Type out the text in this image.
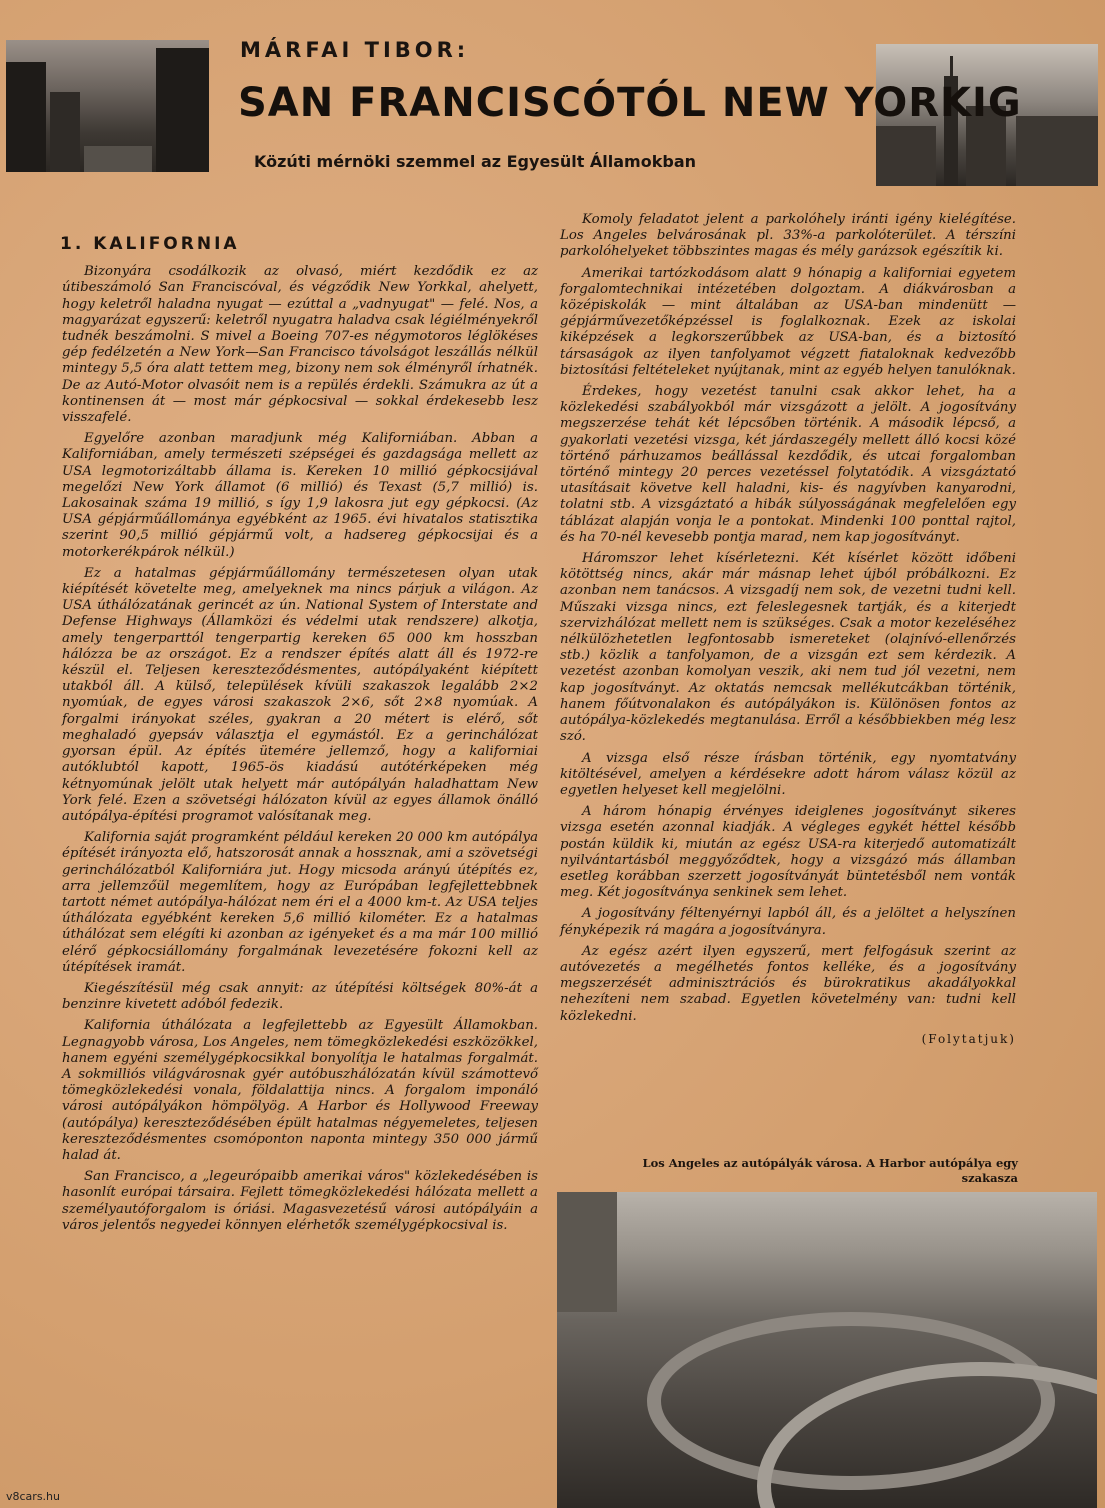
MÁRFAI TIBOR:
SAN FRANCISCÓTÓL NEW YORKIG
Közúti mérnöki szemmel az Egyesült Államokban
1. KALIFORNIA

Bizonyára csodálkozik az olvasó, miért kezdődik ez az útibeszámoló San Franciscóval, és végződik New Yorkkal, ahelyett, hogy keletről haladna nyugat — ezúttal a „vadnyugat" — felé. Nos, a magyarázat egyszerű: keletről nyugatra haladva csak légiélményekről tudnék beszámolni. S mivel a Boeing 707-es négymotoros léglökéses gép fedélzetén a New York—San Francisco távolságot leszállás nélkül mintegy 5,5 óra alatt tettem meg, bizony nem sok élményről írhatnék. De az Autó-Motor olvasóit nem is a repülés érdekli. Számukra az út a kontinensen át — most már gépkocsival — sokkal érdekesebb lesz visszafelé.

Egyelőre azonban maradjunk még Kaliforniában. Abban a Kaliforniában, amely természeti szépségei és gazdagsága mellett az USA legmotorizáltabb állama is. Kereken 10 millió gépkocsijával megelőzi New York államot (6 millió) és Texast (5,7 millió) is. Lakosainak száma 19 millió, s így 1,9 lakosra jut egy gépkocsi. (Az USA gépjárműállománya egyébként az 1965. évi hivatalos statisztika szerint 90,5 millió gépjármű volt, a hadsereg gépkocsijai és a motorkerékpárok nélkül.)

Ez a hatalmas gépjárműállomány természetesen olyan utak kiépítését követelte meg, amelyeknek ma nincs párjuk a világon. Az USA úthálózatának gerincét az ún. National System of Interstate and Defense Highways (Államközi és védelmi utak rendszere) alkotja, amely tengerparttól tengerpartig kereken 65 000 km hosszban hálózza be az országot. Ez a rendszer építés alatt áll és 1972-re készül el. Teljesen kereszteződésmentes, autópályaként kiépített utakból áll. A külső, települések kívüli szakaszok legalább 2×2 nyomúak, de egyes városi szakaszok 2×6, sőt 2×8 nyomúak. A forgalmi irányokat széles, gyakran a 20 métert is elérő, sőt meghaladó gyepsáv választja el egymástól. Ez a gerinchálózat gyorsan épül. Az építés ütemére jellemző, hogy a kaliforniai autóklubtól kapott, 1965-ös kiadású autótérképeken még kétnyomúnak jelölt utak helyett már autópályán haladhattam New York felé. Ezen a szövetségi hálózaton kívül az egyes államok önálló autópálya-építési programot valósítanak meg.

Kalifornia saját programként például kereken 20 000 km autópálya építését irányozta elő, hatszorosát annak a hossznak, ami a szövetségi gerinchálózatból Kaliforniára jut. Hogy micsoda arányú útépítés ez, arra jellemzőül megemlítem, hogy az Európában legfejlettebbnek tartott német autópálya-hálózat nem éri el a 4000 km-t. Az USA teljes úthálózata egyébként kereken 5,6 millió kilométer. Ez a hatalmas úthálózat sem elégíti ki azonban az igényeket és a ma már 100 millió elérő gépkocsiállomány forgalmának levezetésére fokozni kell az útépítések iramát.

Kiegészítésül még csak annyit: az útépítési költségek 80%-át a benzinre kivetett adóból fedezik.

Kalifornia úthálózata a legfejlettebb az Egyesült Államokban. Legnagyobb városa, Los Angeles, nem tömegközlekedési eszközökkel, hanem egyéni személygépkocsikkal bonyolítja le hatalmas forgalmát. A sokmilliós világvárosnak gyér autóbuszhálózatán kívül számottevő tömegközlekedési vonala, földalattija nincs. A forgalom imponáló városi autópályákon hömpölyög. A Harbor és Hollywood Freeway (autópálya) kereszteződésében épült hatalmas négyemeletes, teljesen kereszteződésmentes csomóponton naponta mintegy 350 000 jármű halad át.

San Francisco, a „legeurópaibb amerikai város" közlekedésében is hasonlít európai társaira. Fejlett tömegközlekedési hálózata mellett a személyautóforgalom is óriási. Magasvezetésű városi autópályáin a város jelentős negyedei könnyen elérhetők személygépkocsival is.

Komoly feladatot jelent a parkolóhely iránti igény kielégítése. Los Angeles belvárosának pl. 33%-a parkolóterület. A térszíni parkolóhelyeket többszintes magas és mély garázsok egészítik ki.

Amerikai tartózkodásom alatt 9 hónapig a kaliforniai egyetem forgalomtechnikai intézetében dolgoztam. A diákvárosban a középiskolák — mint általában az USA-ban mindenütt — gépjárművezetőképzéssel is foglalkoznak. Ezek az iskolai kiképzések a legkorszerűbbek az USA-ban, és a biztosító társaságok az ilyen tanfolyamot végzett fiataloknak kedvezőbb biztosítási feltételeket nyújtanak, mint az egyéb helyen tanulóknak.

Érdekes, hogy vezetést tanulni csak akkor lehet, ha a közlekedési szabályokból már vizsgázott a jelölt. A jogosítvány megszerzése tehát két lépcsőben történik. A második lépcső, a gyakorlati vezetési vizsga, két járdaszegély mellett álló kocsi közé történő párhuzamos beállással kezdődik, és utcai forgalomban történő mintegy 20 perces vezetéssel folytatódik. A vizsgáztató utasításait követve kell haladni, kis- és nagyívben kanyarodni, tolatni stb. A vizsgáztató a hibák súlyosságának megfelelően egy táblázat alapján vonja le a pontokat. Mindenki 100 ponttal rajtol, és ha 70-nél kevesebb pontja marad, nem kap jogosítványt.

Háromszor lehet kísérletezni. Két kísérlet között időbeni kötöttség nincs, akár már másnap lehet újból próbálkozni. Ez azonban nem tanácsos. A vizsgadíj nem sok, de vezetni tudni kell. Műszaki vizsga nincs, ezt feleslegesnek tartják, és a kiterjedt szervizhálózat mellett nem is szükséges. Csak a motor kezeléséhez nélkülözhetetlen legfontosabb ismereteket (olajnívó-ellenőrzés stb.) közlik a tanfolyamon, de a vizsgán ezt sem kérdezik. A vezetést azonban komolyan veszik, aki nem tud jól vezetni, nem kap jogosítványt. Az oktatás nemcsak mellékutcákban történik, hanem főútvonalakon és autópályákon is. Különösen fontos az autópálya-közlekedés megtanulása. Erről a későbbiekben még lesz szó.

A vizsga első része írásban történik, egy nyomtatvány kitöltésével, amelyen a kérdésekre adott három válasz közül az egyetlen helyeset kell megjelölni.

A három hónapig érvényes ideiglenes jogosítványt sikeres vizsga esetén azonnal kiadják. A végleges egykét héttel később postán küldik ki, miután az egész USA-ra kiterjedő automatizált nyilvántartásból meggyőződtek, hogy a vizsgázó más államban esetleg korábban szerzett jogosítványát büntetésből nem vonták meg. Két jogosítványa senkinek sem lehet.

A jogosítvány féltenyérnyi lapból áll, és a jelöltet a helyszínen fényképezik rá magára a jogosítványra.

Az egész azért ilyen egyszerű, mert felfogásuk szerint az autóvezetés a megélhetés fontos kelléke, és a jogosítvány megszerzését adminisztrációs és bürokratikus akadályokkal nehezíteni nem szabad. Egyetlen követelmény van: tudni kell közlekedni.

(Folytatjuk)
Los Angeles az autópályák városa. A Harbor autópálya egy szakasza
v8cars.hu
